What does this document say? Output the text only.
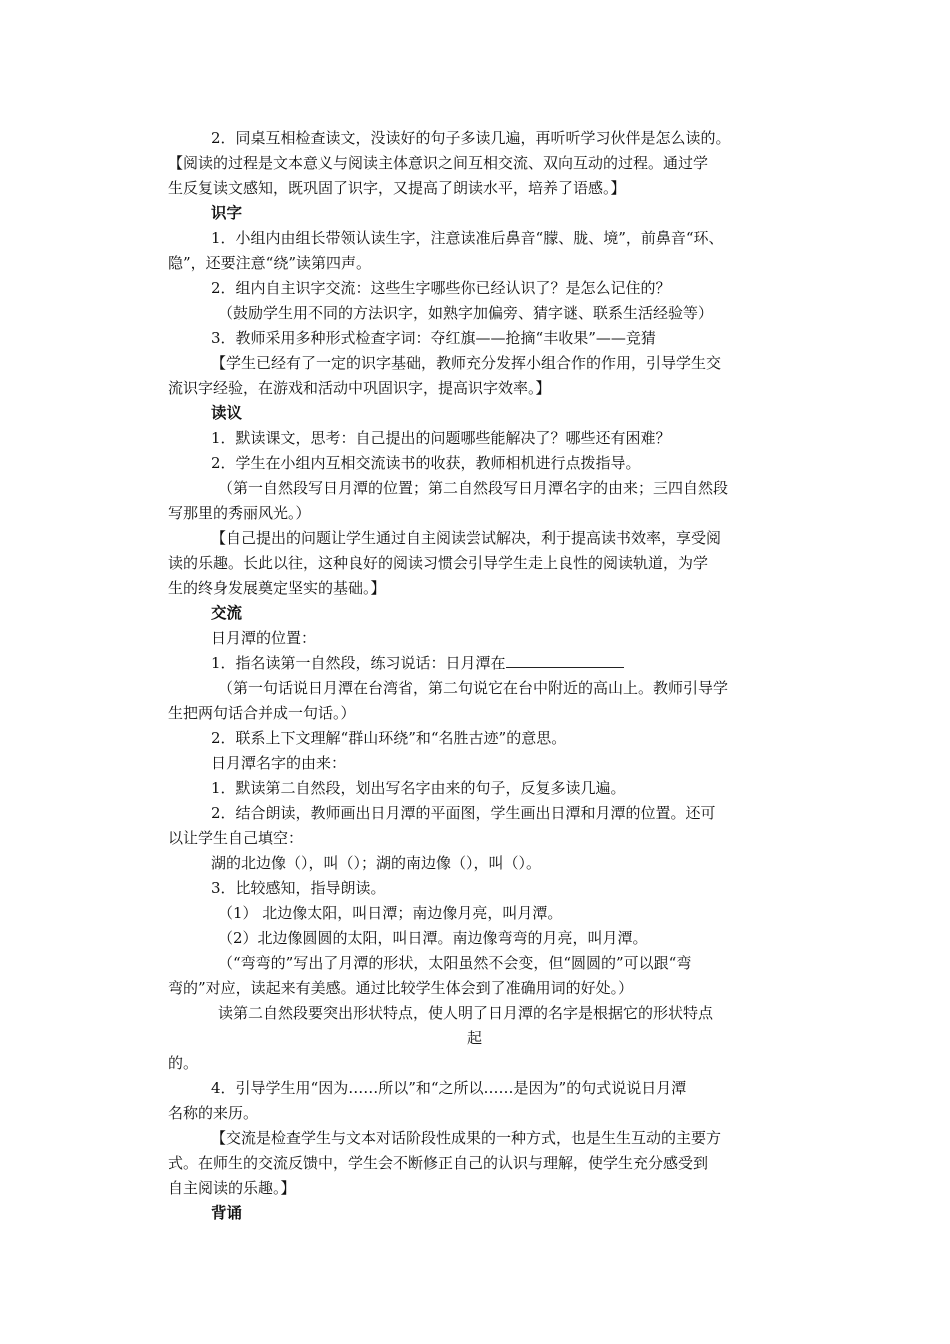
2．同桌互相检查读文，没读好的句子多读几遍，再听听学习伙伴是怎么读的。
【阅读的过程是文本意义与阅读主体意识之间互相交流、双向互动的过程。通过学
生反复读文感知，既巩固了识字，又提高了朗读水平，培养了语感。】
识字
1．小组内由组长带领认读生字，注意读准后鼻音“朦、胧、境”，前鼻音“环、
隐”，还要注意“绕”读第四声。
2．组内自主识字交流：这些生字哪些你已经认识了？是怎么记住的？
（鼓励学生用不同的方法识字，如熟字加偏旁、猜字谜、联系生活经验等）
3．教师采用多种形式检查字词：夺红旗——抢摘“丰收果”——竞猜
【学生已经有了一定的识字基础，教师充分发挥小组合作的作用，引导学生交
流识字经验，在游戏和活动中巩固识字，提高识字效率。】
读议
1．默读课文，思考：自己提出的问题哪些能解决了？哪些还有困难？
2．学生在小组内互相交流读书的收获，教师相机进行点拨指导。
（第一自然段写日月潭的位置；第二自然段写日月潭名字的由来；三四自然段
写那里的秀丽风光。）
【自己提出的问题让学生通过自主阅读尝试解决，利于提高读书效率，享受阅
读的乐趣。长此以往，这种良好的阅读习惯会引导学生走上良性的阅读轨道，为学
生的终身发展奠定坚实的基础。】
交流
日月潭的位置：
1．指名读第一自然段，练习说话：日月潭在
（第一句话说日月潭在台湾省，第二句说它在台中附近的高山上。教师引导学
生把两句话合并成一句话。）
2．联系上下文理解“群山环绕”和“名胜古迹”的意思。
日月潭名字的由来：
1．默读第二自然段，划出写名字由来的句子，反复多读几遍。
2．结合朗读，教师画出日月潭的平面图，学生画出日潭和月潭的位置。还可
以让学生自己填空：
湖的北边像（），叫（）；湖的南边像（），叫（）。
3．比较感知，指导朗读。
（1） 北边像太阳，叫日潭；南边像月亮，叫月潭。
（2）北边像圆圆的太阳，叫日潭。南边像弯弯的月亮，叫月潭。
（“弯弯的”写出了月潭的形状，太阳虽然不会变，但“圆圆的”可以跟“弯
弯的”对应，读起来有美感。通过比较学生体会到了准确用词的好处。）
读第二自然段要突出形状特点，使人明了日月潭的名字是根据它的形状特点
起
的。
4．引导学生用“因为……所以”和“之所以……是因为”的句式说说日月潭
名称的来历。
【交流是检查学生与文本对话阶段性成果的一种方式，也是生生互动的主要方
式。在师生的交流反馈中，学生会不断修正自己的认识与理解，使学生充分感受到
自主阅读的乐趣。】
背诵
